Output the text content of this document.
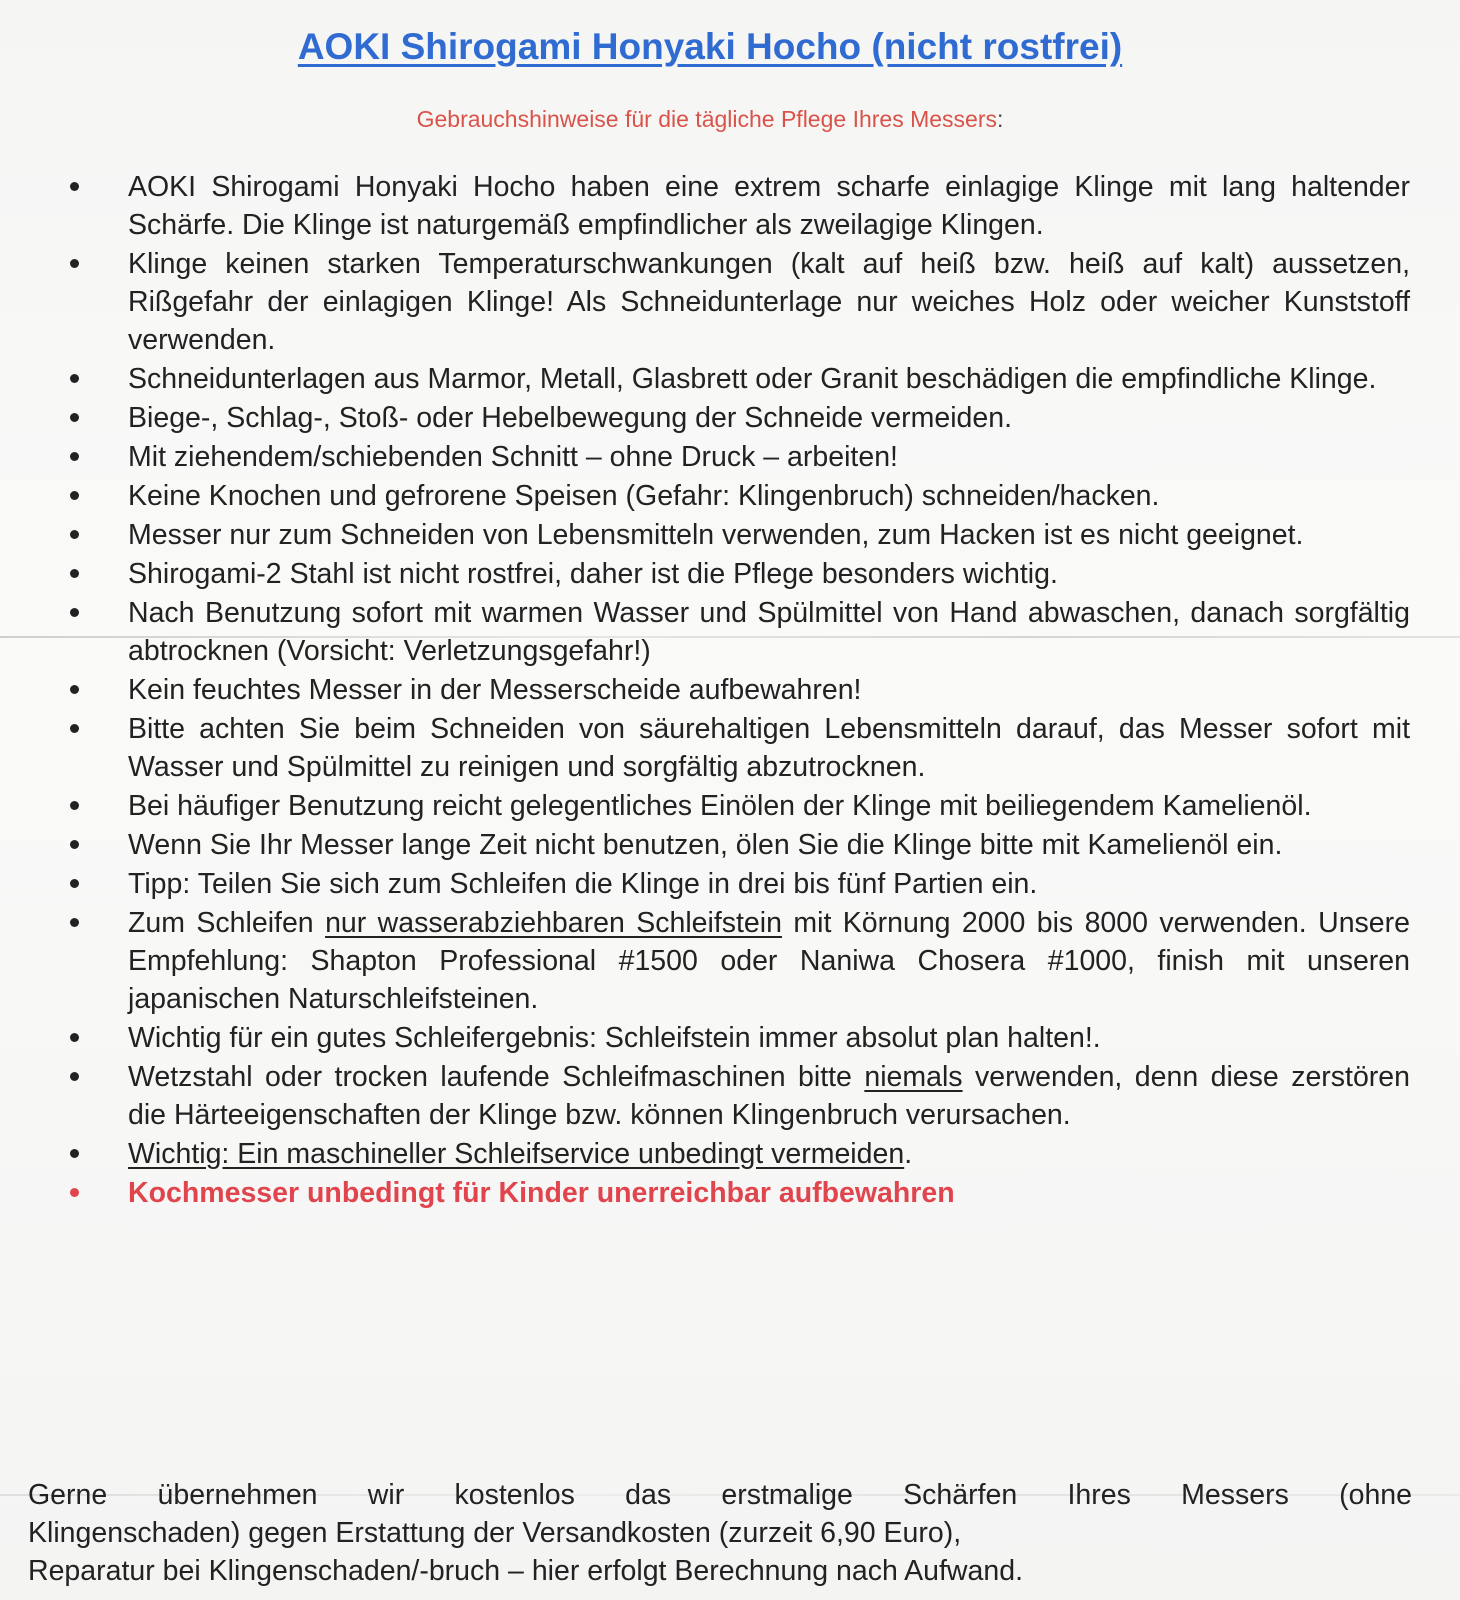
AOKI Shirogami Honyaki Hocho (nicht rostfrei)
Gebrauchshinweise für die tägliche Pflege Ihres Messers:
AOKI Shirogami Honyaki Hocho haben eine extrem scharfe einlagige Klinge mit lang haltender Schärfe. Die Klinge ist naturgemäß empfindlicher als zweilagige Klingen.
Klinge keinen starken Temperaturschwankungen (kalt auf heiß bzw. heiß auf kalt) aussetzen, Rißgefahr der einlagigen Klinge! Als Schneidunterlage nur weiches Holz oder weicher Kunststoff verwenden.
Schneidunterlagen aus Marmor, Metall, Glasbrett oder Granit beschädigen die empfindliche Klinge.
Biege-, Schlag-, Stoß- oder Hebelbewegung der Schneide vermeiden.
Mit ziehendem/schiebenden Schnitt – ohne Druck – arbeiten!
Keine Knochen und gefrorene Speisen (Gefahr: Klingenbruch) schneiden/hacken.
Messer nur zum Schneiden von Lebensmitteln verwenden, zum Hacken ist es nicht geeignet.
Shirogami-2 Stahl ist nicht rostfrei, daher ist die Pflege besonders wichtig.
Nach Benutzung sofort mit warmen Wasser und Spülmittel von Hand abwaschen, danach sorgfältig abtrocknen (Vorsicht: Verletzungsgefahr!)
Kein feuchtes Messer in der Messerscheide aufbewahren!
Bitte achten Sie beim Schneiden von säurehaltigen Lebensmitteln darauf, das Messer sofort mit Wasser und Spülmittel zu reinigen und sorgfältig abzutrocknen.
Bei häufiger Benutzung reicht gelegentliches Einölen der Klinge mit beiliegendem Kamelienöl.
Wenn Sie Ihr Messer lange Zeit nicht benutzen, ölen Sie die Klinge bitte mit Kamelienöl ein.
Tipp: Teilen Sie sich zum Schleifen die Klinge in drei bis fünf Partien ein.
Zum Schleifen nur wasserabziehbaren Schleifstein mit Körnung 2000 bis 8000 verwenden. Unsere Empfehlung: Shapton Professional #1500 oder Naniwa Chosera #1000, finish mit unseren japanischen Naturschleifsteinen.
Wichtig für ein gutes Schleifergebnis: Schleifstein immer absolut plan halten!.
Wetzstahl oder trocken laufende Schleifmaschinen bitte niemals verwenden, denn diese zerstören die Härteeigenschaften der Klinge bzw. können Klingenbruch verursachen.
Wichtig: Ein maschineller Schleifservice unbedingt vermeiden.
Kochmesser unbedingt für Kinder unerreichbar aufbewahren

Gerne übernehmen wir kostenlos das erstmalige Schärfen Ihres Messers (ohne

Klingenschaden) gegen Erstattung der Versandkosten (zurzeit 6,90 Euro),

Reparatur bei Klingenschaden/-bruch – hier erfolgt Berechnung nach Aufwand.
